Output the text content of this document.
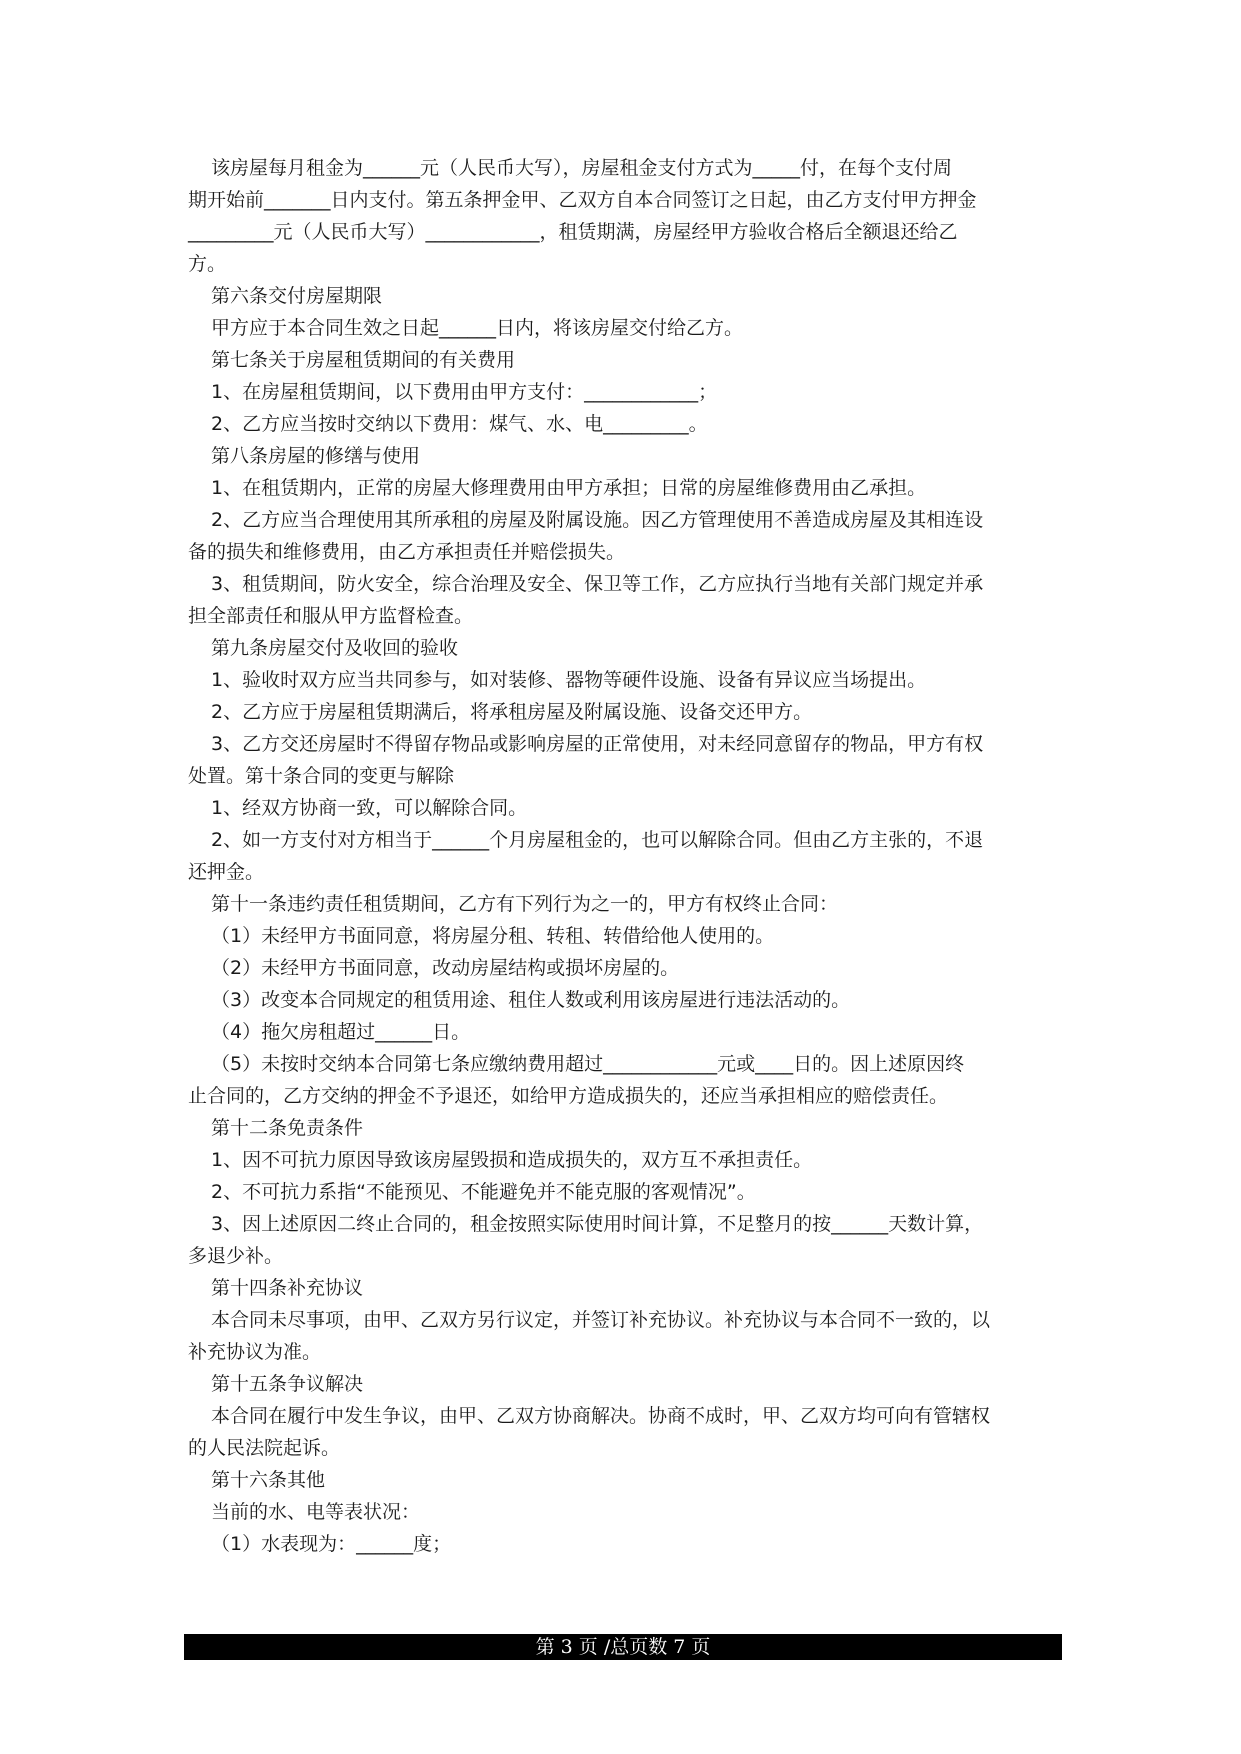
该房屋每月租金为______元（人民币大写），房屋租金支付方式为_____付，在每个支付周
期开始前_______日内支付。第五条押金甲、乙双方自本合同签订之日起，由乙方支付甲方押金
_________元（人民币大写）____________，租赁期满，房屋经甲方验收合格后全额退还给乙
方。
第六条交付房屋期限
甲方应于本合同生效之日起______日内，将该房屋交付给乙方。
第七条关于房屋租赁期间的有关费用
1、在房屋租赁期间，以下费用由甲方支付：____________；
2、乙方应当按时交纳以下费用：煤气、水、电_________。
第八条房屋的修缮与使用
1、在租赁期内，正常的房屋大修理费用由甲方承担；日常的房屋维修费用由乙承担。
2、乙方应当合理使用其所承租的房屋及附属设施。因乙方管理使用不善造成房屋及其相连设
备的损失和维修费用，由乙方承担责任并赔偿损失。
3、租赁期间，防火安全，综合治理及安全、保卫等工作，乙方应执行当地有关部门规定并承
担全部责任和服从甲方监督检查。
第九条房屋交付及收回的验收
1、验收时双方应当共同参与，如对装修、器物等硬件设施、设备有异议应当场提出。
2、乙方应于房屋租赁期满后，将承租房屋及附属设施、设备交还甲方。
3、乙方交还房屋时不得留存物品或影响房屋的正常使用，对未经同意留存的物品，甲方有权
处置。第十条合同的变更与解除
1、经双方协商一致，可以解除合同。
2、如一方支付对方相当于______个月房屋租金的，也可以解除合同。但由乙方主张的，不退
还押金。
第十一条违约责任租赁期间，乙方有下列行为之一的，甲方有权终止合同：
（1）未经甲方书面同意，将房屋分租、转租、转借给他人使用的。
（2）未经甲方书面同意，改动房屋结构或损坏房屋的。
（3）改变本合同规定的租赁用途、租住人数或利用该房屋进行违法活动的。
（4）拖欠房租超过______日。
（5）未按时交纳本合同第七条应缴纳费用超过____________元或____日的。因上述原因终
止合同的，乙方交纳的押金不予退还，如给甲方造成损失的，还应当承担相应的赔偿责任。
第十二条免责条件
1、因不可抗力原因导致该房屋毁损和造成损失的，双方互不承担责任。
2、不可抗力系指“不能预见、不能避免并不能克服的客观情况”。
3、因上述原因二终止合同的，租金按照实际使用时间计算，不足整月的按______天数计算，
多退少补。
第十四条补充协议
本合同未尽事项，由甲、乙双方另行议定，并签订补充协议。补充协议与本合同不一致的，以
补充协议为准。
第十五条争议解决
本合同在履行中发生争议，由甲、乙双方协商解决。协商不成时，甲、乙双方均可向有管辖权
的人民法院起诉。
第十六条其他
当前的水、电等表状况：
（1）水表现为：______度；
第 3 页 /总页数 7 页
